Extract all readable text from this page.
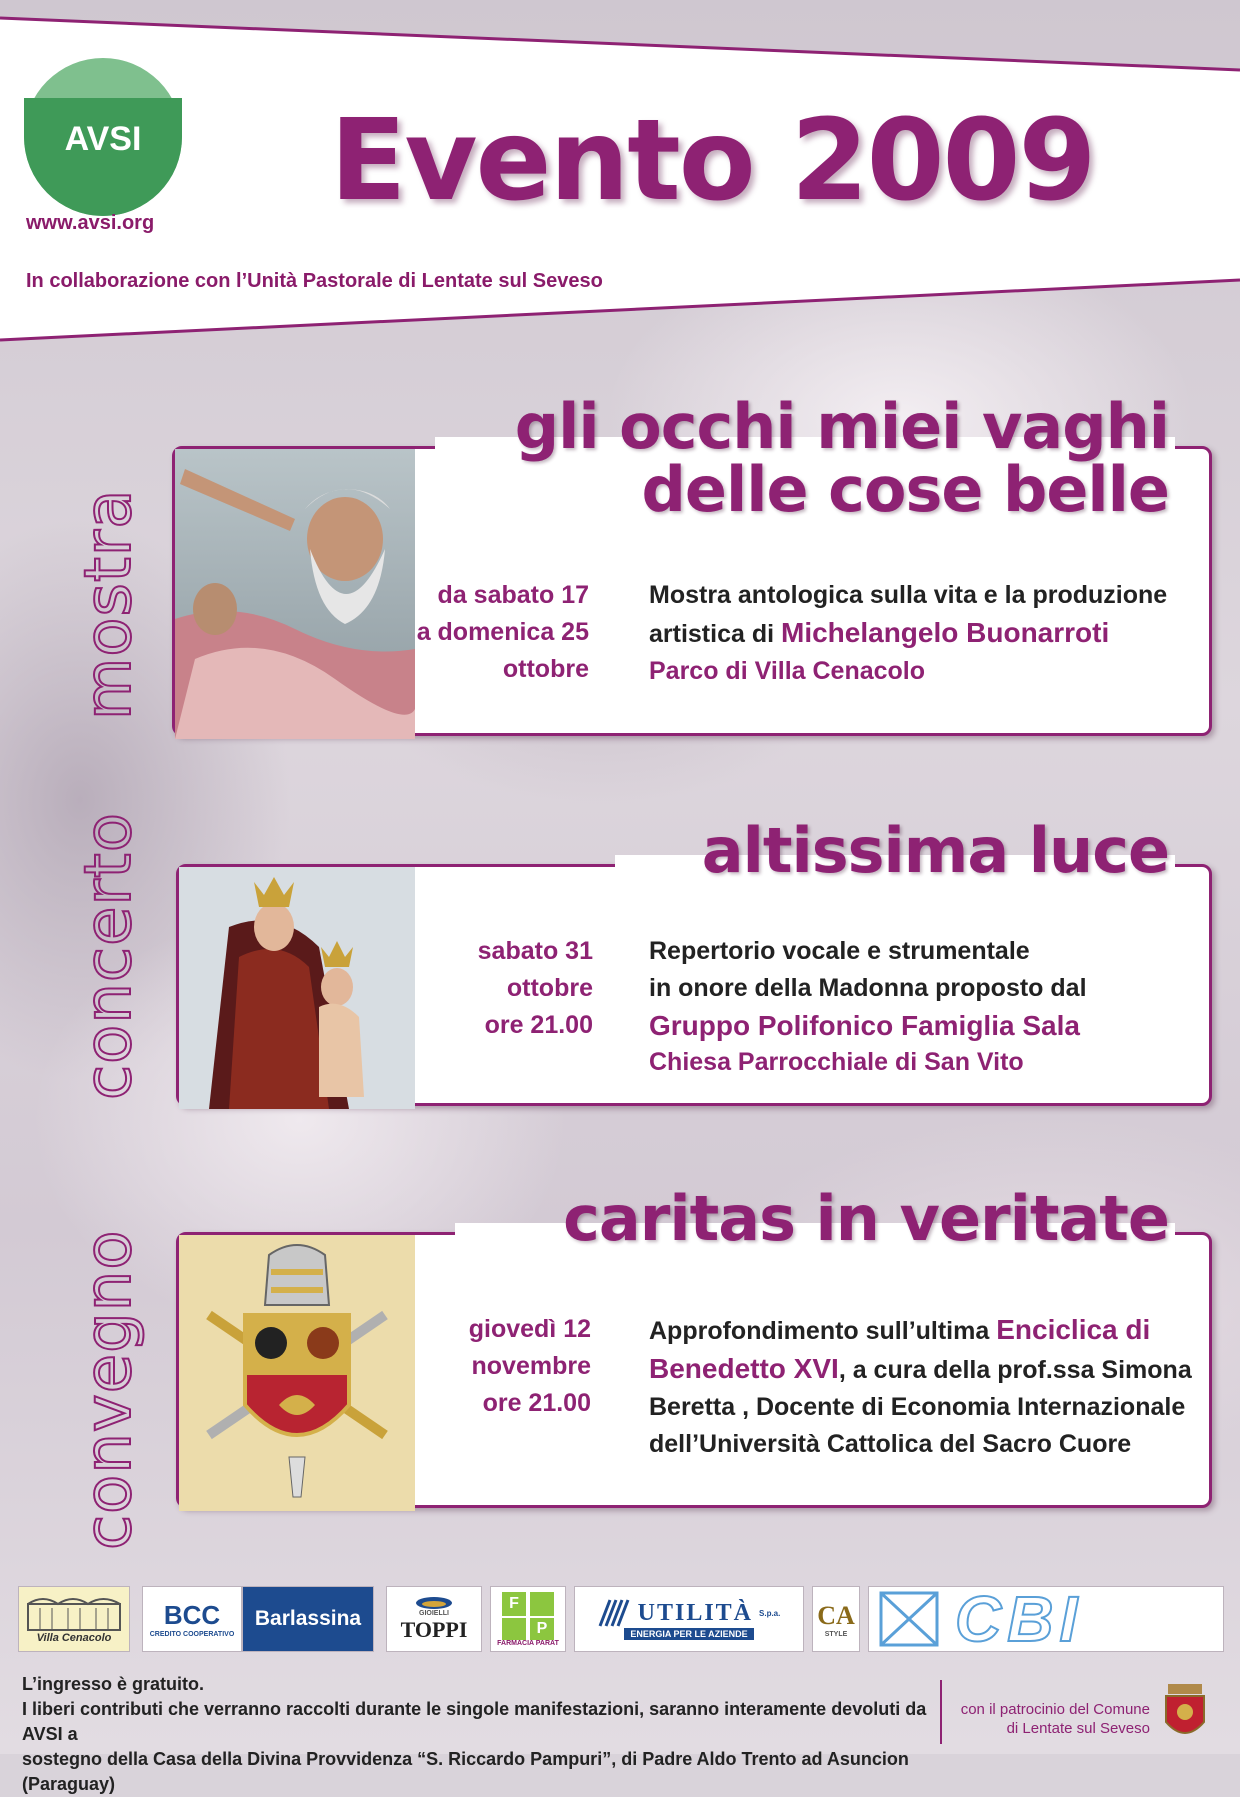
AVSI
www.avsi.org Evento 2009
In collaborazione con l’Unità Pastorale di Lentate sul Seveso
mostra
concerto
convegno
gli occhi miei vaghi
delle cose belle
da sabato 17
a domenica 25
ottobre
Mostra antologica sulla vita e la produzione
artistica di Michelangelo Buonarroti
Parco di Villa Cenacolo
altissima luce
sabato 31
ottobre
ore 21.00
Repertorio vocale e strumentale
in onore della Madonna proposto dal
Gruppo Polifonico Famiglia Sala
Chiesa Parrocchiale di San Vito
caritas in veritate
giovedì 12
novembre
ore 21.00
Approfondimento sull’ultima Enciclica di
Benedetto XVI, a cura della prof.ssa Simona
Beretta , Docente di Economia Internazionale
dell’Università Cattolica del Sacro Cuore
Villa Cenacolo
BCC
CREDITO COOPERATIVO
Barlassina	GIOIELLI
TOPPI
F
P
FARMACIA PARAT
UTILITÀ S.p.a.
ENERGIA PER LE AZIENDE
CA
STYLE CBI
L’ingresso è gratuito.
I liberi contributi che verranno raccolti durante le singole manifestazioni, saranno interamente devoluti da AVSI a
sostegno della Casa della Divina Provvidenza “S. Riccardo Pampuri”, di Padre Aldo Trento ad Asuncion (Paraguay)
con il patrocinio del Comune
di Lentate sul Seveso
